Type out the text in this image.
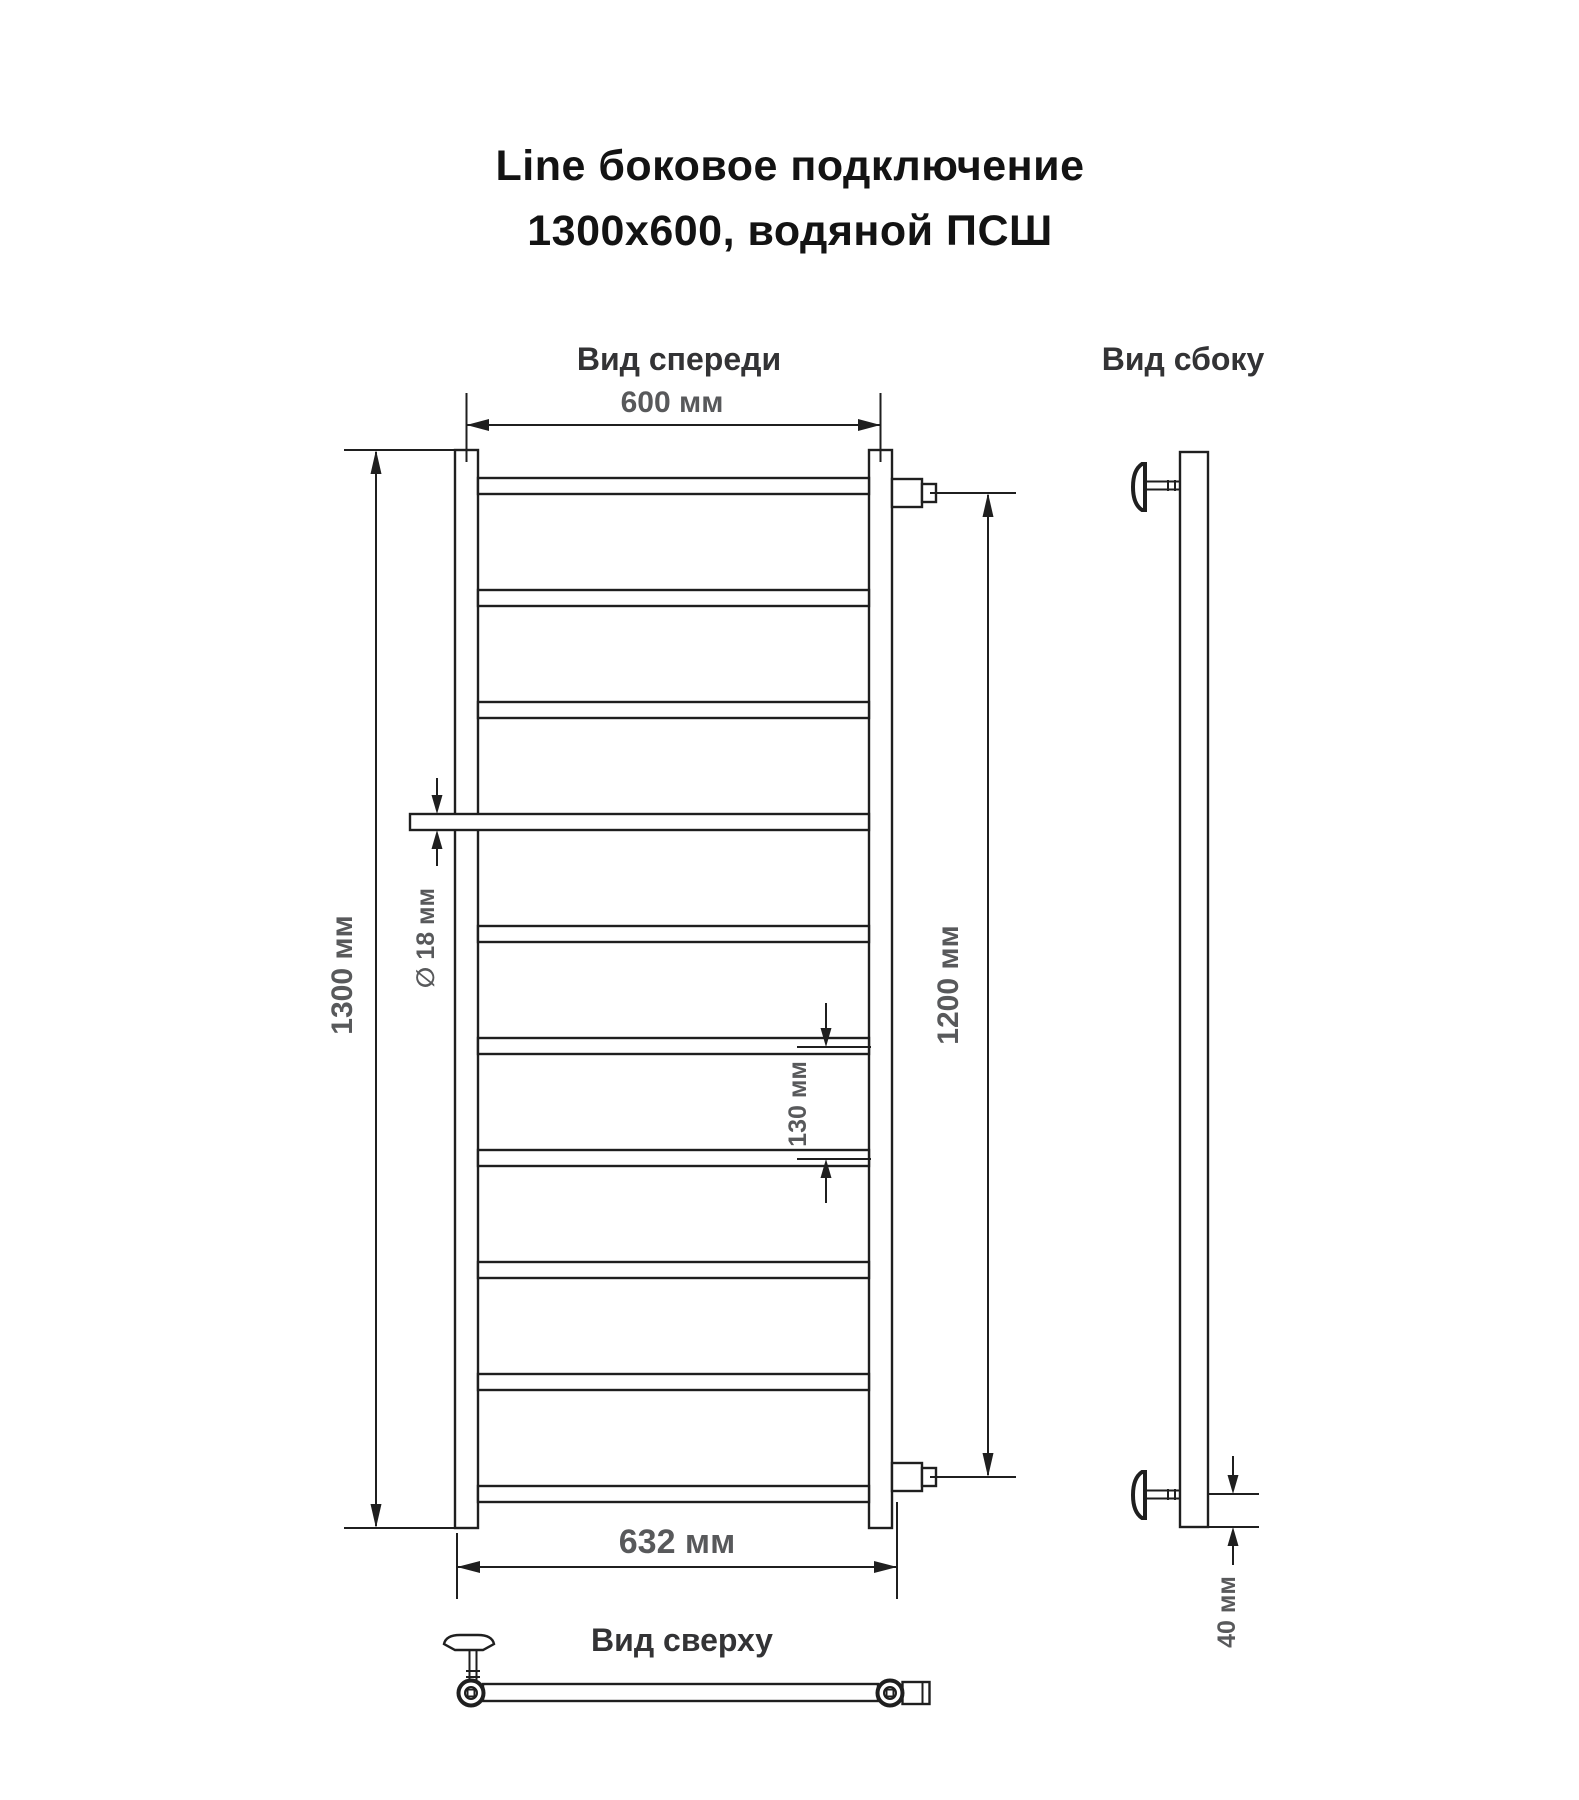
Line боковое подключение
1300х600, водяной ПСШ
Вид спереди	Вид сбоку
Вид сверху
600 мм
1300 мм	1200 мм
∅ 18 мм
130 мм
632 мм
40 мм
